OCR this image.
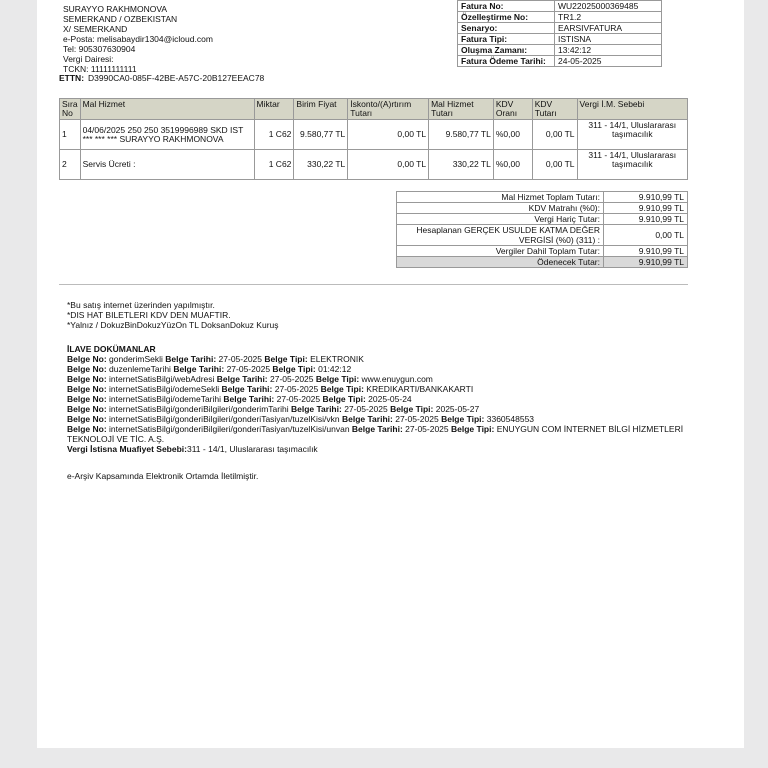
SURAYYO RAKHMONOVA
SEMERKAND / OZBEKISTAN
X/ SEMERKAND
e-Posta: melisabaydir1304@icloud.com
Tel: 905307630904
Vergi Dairesi:
TCKN: 11111111111
ETTN: D3990CA0-085F-42BE-A57C-20B127EEAC78
Fatura No:	WU22025000369485
Özelleştirme No:	TR1.2
Senaryo:	EARSIVFATURA
Fatura Tipi:	ISTISNA
Oluşma Zamanı:	13:42:12
Fatura Ödeme Tarihi:	24-05-2025
Sıra No	Mal Hizmet	Miktar	Birim Fiyat	İskonto/(A)rtırım Tutarı	Mal Hizmet Tutarı	KDV Oranı	KDV Tutarı	Vergi İ.M. Sebebi
1	04/06/2025 250 250 3519996989 SKD IST *** *** *** SURAYYO RAKHMONOVA	1 C62	9.580,77 TL	0,00 TL	9.580,77 TL	%0,00	0,00 TL	311 - 14/1, Uluslararası taşımacılık
2	Servis Ücreti :	1 C62	330,22 TL	0,00 TL	330,22 TL	%0,00	0,00 TL	311 - 14/1, Uluslararası taşımacılık
Mal Hizmet Toplam Tutarı:	9.910,99 TL
KDV Matrahı (%0):	9.910,99 TL
Vergi Hariç Tutar:	9.910,99 TL
Hesaplanan GERÇEK USULDE KATMA DEĞER VERGİSİ (%0) (311) :	0,00 TL
Vergiler Dahil Toplam Tutar:	9.910,99 TL
Ödenecek Tutar:	9.910,99 TL
*Bu satış internet üzerinden yapılmıştır.
*DIS HAT BILETLERI KDV DEN MUAFTIR.
*Yalnız / DokuzBinDokuzYüzOn TL DoksanDokuz Kuruş
İLAVE DOKÜMANLAR
Belge No: gonderimSekli Belge Tarihi: 27-05-2025 Belge Tipi: ELEKTRONIK
Belge No: duzenlemeTarihi Belge Tarihi: 27-05-2025 Belge Tipi: 01:42:12
Belge No: internetSatisBilgi/webAdresi Belge Tarihi: 27-05-2025 Belge Tipi: www.enuygun.com
Belge No: internetSatisBilgi/odemeSekli Belge Tarihi: 27-05-2025 Belge Tipi: KREDIKARTI/BANKAKARTI
Belge No: internetSatisBilgi/odemeTarihi Belge Tarihi: 27-05-2025 Belge Tipi: 2025-05-24
Belge No: internetSatisBilgi/gonderiBilgileri/gonderimTarihi Belge Tarihi: 27-05-2025 Belge Tipi: 2025-05-27
Belge No: internetSatisBilgi/gonderiBilgileri/gonderiTasiyan/tuzelKisi/vkn Belge Tarihi: 27-05-2025 Belge Tipi: 3360548553
Belge No: internetSatisBilgi/gonderiBilgileri/gonderiTasiyan/tuzelKisi/unvan Belge Tarihi: 27-05-2025 Belge Tipi: ENUYGUN COM İNTERNET BİLGİ HİZMETLERİ TEKNOLOJİ VE TİC. A.Ş.
Vergi İstisna Muafiyet Sebebi:311 - 14/1, Uluslararası taşımacılık
e-Arşiv Kapsamında Elektronik Ortamda İletilmiştir.
